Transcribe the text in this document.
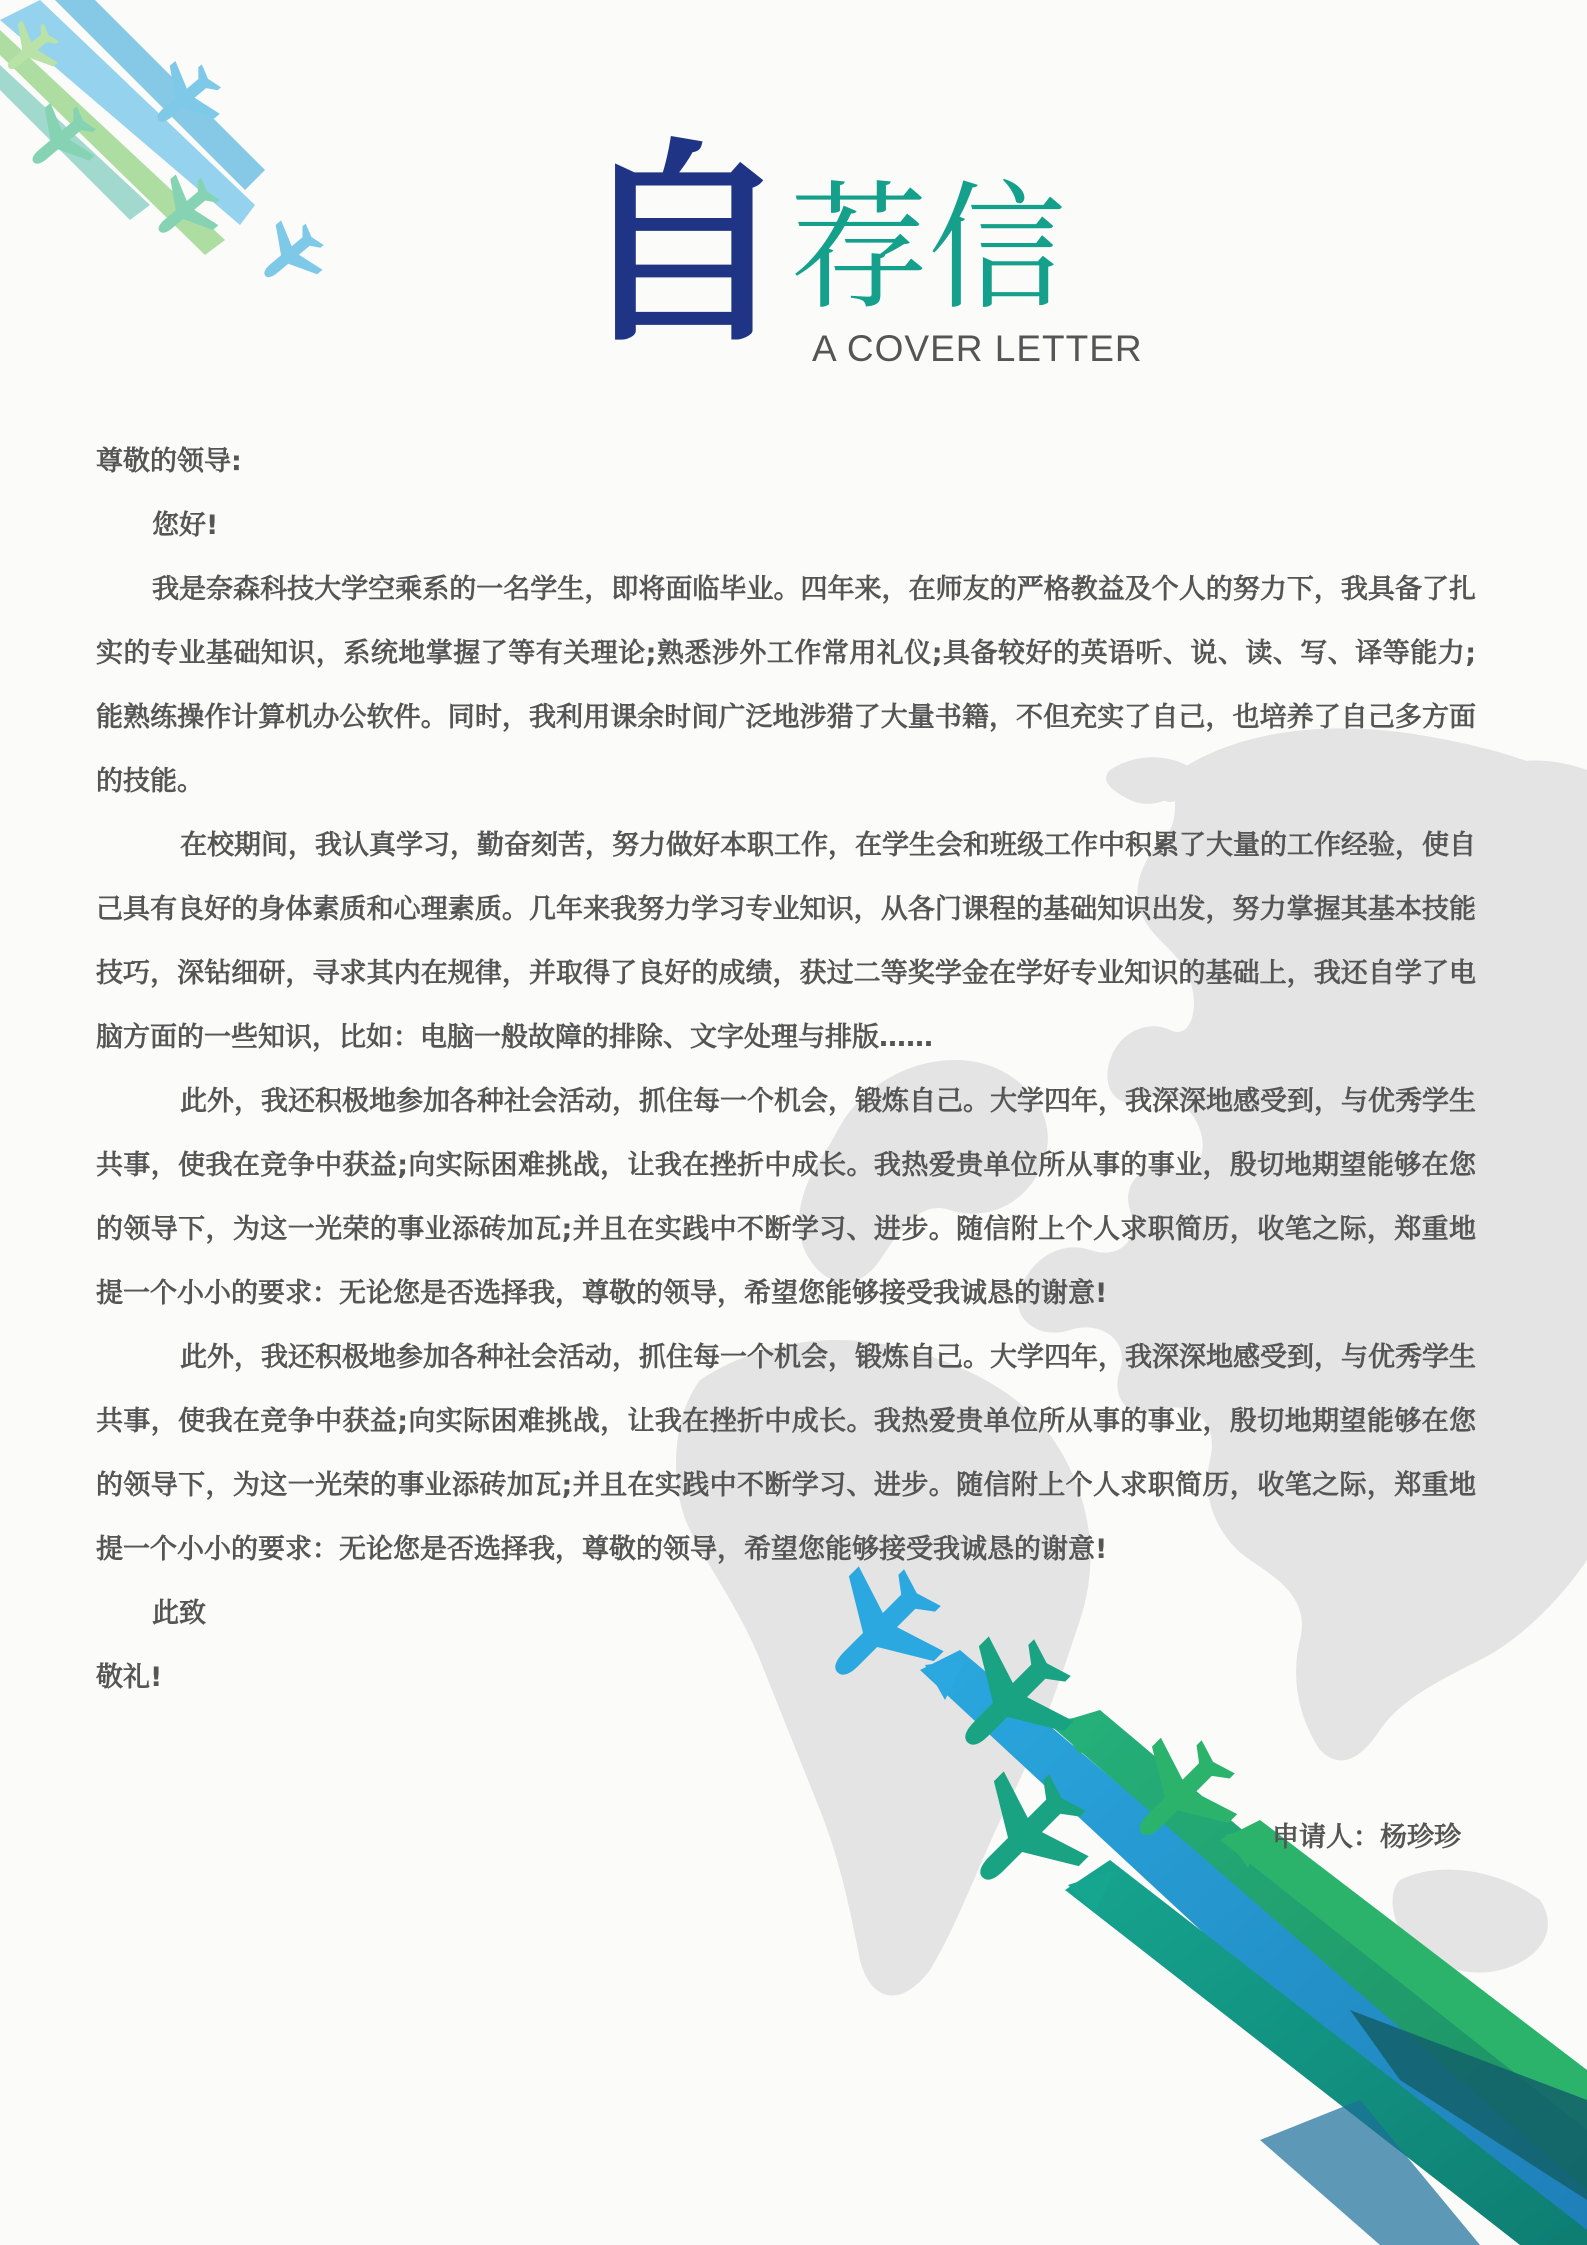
自 荐信
A COVER LETTER

尊敬的领导:

您好!

我是奈森科技大学空乘系的一名学生，即将面临毕业。四年来，在师友的严格教益及个人的努力下，我具备了扎实的专业基础知识，系统地掌握了等有关理论;熟悉涉外工作常用礼仪;具备较好的英语听、说、读、写、译等能力;能熟练操作计算机办公软件。同时，我利用课余时间广泛地涉猎了大量书籍，不但充实了自己，也培养了自己多方面的技能。

在校期间，我认真学习，勤奋刻苦，努力做好本职工作，在学生会和班级工作中积累了大量的工作经验，使自己具有良好的身体素质和心理素质。几年来我努力学习专业知识，从各门课程的基础知识出发，努力掌握其基本技能技巧，深钻细研，寻求其内在规律，并取得了良好的成绩，获过二等奖学金在学好专业知识的基础上，我还自学了电脑方面的一些知识，比如：电脑一般故障的排除、文字处理与排版……

此外，我还积极地参加各种社会活动，抓住每一个机会，锻炼自己。大学四年，我深深地感受到，与优秀学生共事，使我在竞争中获益;向实际困难挑战，让我在挫折中成长。我热爱贵单位所从事的事业，殷切地期望能够在您的领导下，为这一光荣的事业添砖加瓦;并且在实践中不断学习、进步。随信附上个人求职简历，收笔之际，郑重地提一个小小的要求：无论您是否选择我，尊敬的领导，希望您能够接受我诚恳的谢意!

此外，我还积极地参加各种社会活动，抓住每一个机会，锻炼自己。大学四年，我深深地感受到，与优秀学生共事，使我在竞争中获益;向实际困难挑战，让我在挫折中成长。我热爱贵单位所从事的事业，殷切地期望能够在您的领导下，为这一光荣的事业添砖加瓦;并且在实践中不断学习、进步。随信附上个人求职简历，收笔之际，郑重地提一个小小的要求：无论您是否选择我，尊敬的领导，希望您能够接受我诚恳的谢意!

此致

敬礼!

申请人：杨珍珍
